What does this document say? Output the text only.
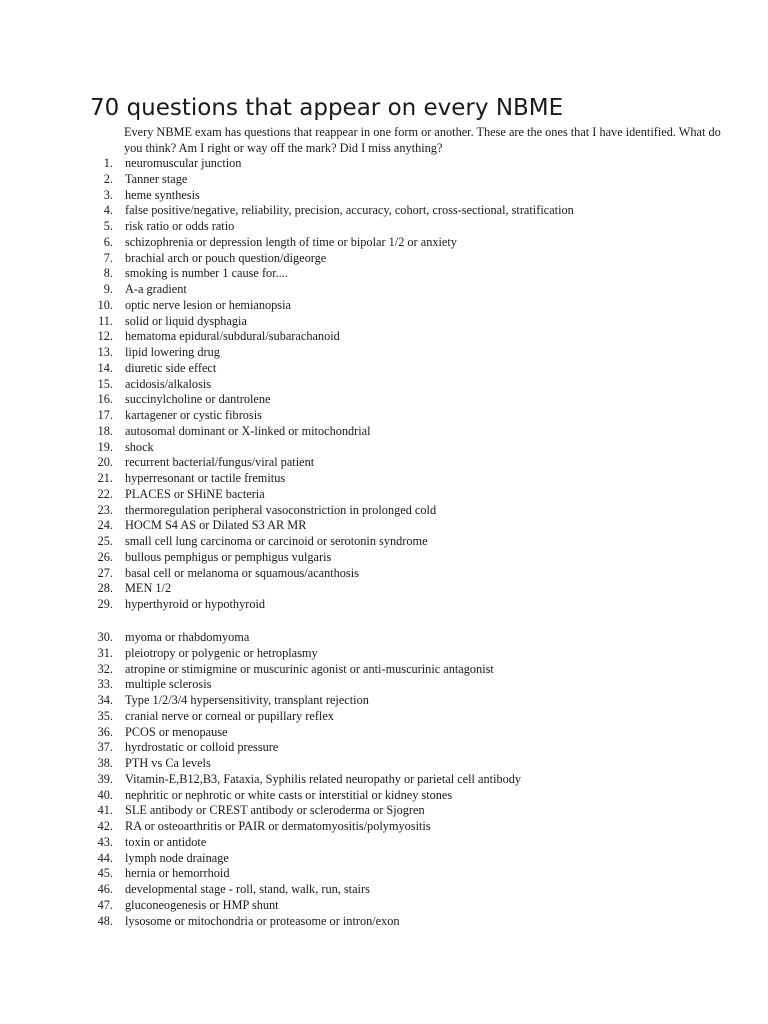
70 questions that appear on every NBME

Every NBME exam has questions that reappear in one form or another. These are the ones that I have identified. What do you think? Am I right or way off the mark? Did I miss anything?

1. neuromuscular junction
2. Tanner stage
3. heme synthesis
4. false positive/negative, reliability, precision, accuracy, cohort, cross-sectional, stratification
5. risk ratio or odds ratio
6. schizophrenia or depression length of time or bipolar 1/2 or anxiety
7. brachial arch or pouch question/digeorge
8. smoking is number 1 cause for....
9. A-a gradient
10. optic nerve lesion or hemianopsia
11. solid or liquid dysphagia
12. hematoma epidural/subdural/subarachanoid
13. lipid lowering drug
14. diuretic side effect
15. acidosis/alkalosis
16. succinylcholine or dantrolene
17. kartagener or cystic fibrosis
18. autosomal dominant or X-linked or mitochondrial
19. shock
20. recurrent bacterial/fungus/viral patient
21. hyperresonant or tactile fremitus
22. PLACES or SHiNE bacteria
23. thermoregulation peripheral vasoconstriction in prolonged cold
24. HOCM S4 AS or Dilated S3 AR MR
25. small cell lung carcinoma or carcinoid or serotonin syndrome
26. bullous pemphigus or pemphigus vulgaris
27. basal cell or melanoma or squamous/acanthosis
28. MEN 1/2
29. hyperthyroid or hypothyroid
30. myoma or rhabdomyoma
31. pleiotropy or polygenic or hetroplasmy
32. atropine or stimigmine or muscurinic agonist or anti-muscurinic antagonist
33. multiple sclerosis
34. Type 1/2/3/4 hypersensitivity, transplant rejection
35. cranial nerve or corneal or pupillary reflex
36. PCOS or menopause
37. hyrdrostatic or colloid pressure
38. PTH vs Ca levels
39. Vitamin-E,B12,B3, Fataxia, Syphilis related neuropathy or parietal cell antibody
40. nephritic or nephrotic or white casts or interstitial or kidney stones
41. SLE antibody or CREST antibody or scleroderma or Sjogren
42. RA or osteoarthritis or PAIR or dermatomyositis/polymyositis
43. toxin or antidote
44. lymph node drainage
45. hernia or hemorrhoid
46. developmental stage - roll, stand, walk, run, stairs
47. gluconeogenesis or HMP shunt
48. lysosome or mitochondria or proteasome or intron/exon
